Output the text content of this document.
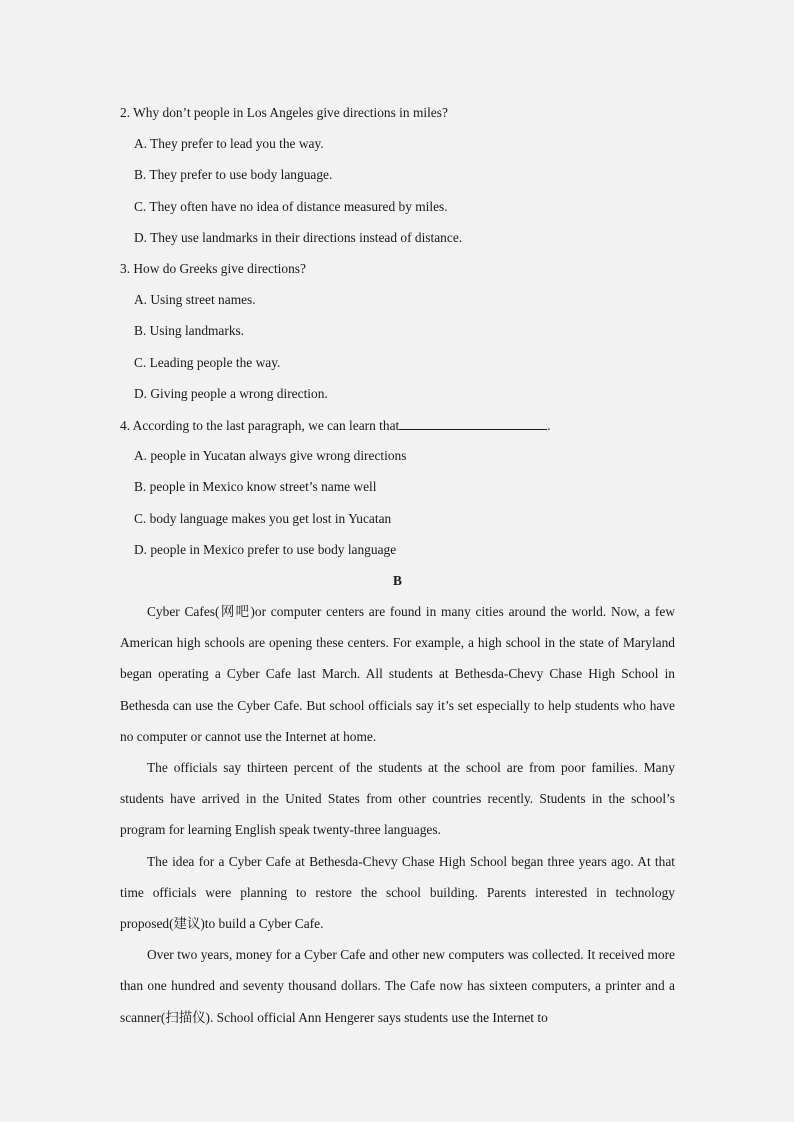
2. Why don’t people in Los Angeles give directions in miles?
A. They prefer to lead you the way.
B. They prefer to use body language.
C. They often have no idea of distance measured by miles.
D. They use landmarks in their directions instead of distance.
3. How do Greeks give directions?
A. Using street names.
B. Using landmarks.
C. Leading people the way.
D. Giving people a wrong direction.
4. According to the last paragraph, we can learn that	.
A. people in Yucatan always give wrong directions
B. people in Mexico know street’s name well
C. body language makes you get lost in Yucatan
D. people in Mexico prefer to use body language
B

Cyber Cafes(网吧)or computer centers are found in many cities around the world. Now, a few American high schools are opening these centers. For example, a high school in the state of Maryland began operating a Cyber Cafe last March. All students at Bethesda-Chevy Chase High School in Bethesda can use the Cyber Cafe. But school officials say it’s set especially to help students who have no computer or cannot use the Internet at home.

The officials say thirteen percent of the students at the school are from poor families. Many students have arrived in the United States from other countries recently. Students in the school’s program for learning English speak twenty-three languages.

The idea for a Cyber Cafe at Bethesda-Chevy Chase High School began three years ago. At that time officials were planning to restore the school building. Parents interested in technology proposed(建议)to build a Cyber Cafe.

Over two years, money for a Cyber Cafe and other new computers was collected. It received more than one hundred and seventy thousand dollars. The Cafe now has sixteen computers, a printer and a scanner(扫描仪). School official Ann Hengerer says students use the Internet to
